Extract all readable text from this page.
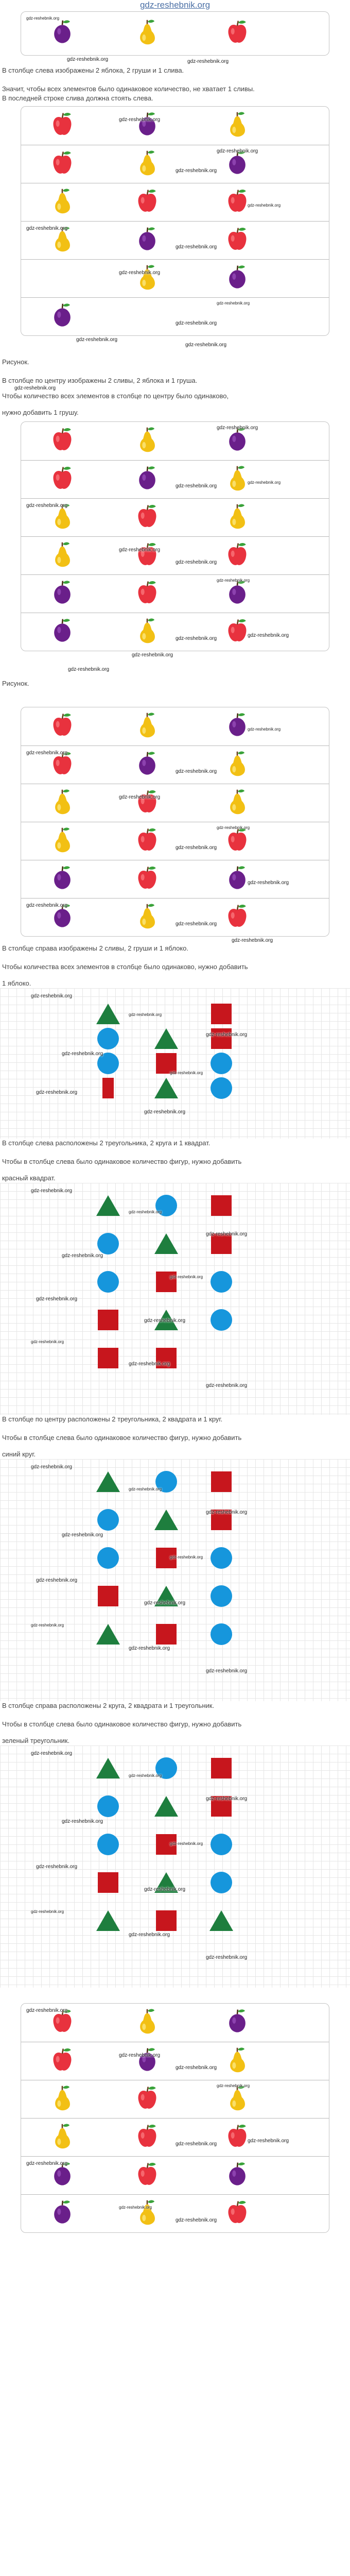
gdz-reshebnik.org
gdz-reshebnik.org
gdz-reshebnik.org	gdz-reshebnik.org

В столбце слева изображены 2 яблока, 2 груши и 1 слива.

Значит, чтобы всех элементов было одинаковое количество, не хватает 1 сливы.

В последней строке слива должна стоять слева.

gdz-reshebnik.org
gdz-reshebnik.org
gdz-reshebnik.org
gdz-reshebnik.org
gdz-reshebnik.org
gdz-reshebnik.org
gdz-reshebnik.org
gdz-reshebnik.org
gdz-reshebnik.org
gdz-reshebnik.org
gdz-reshebnik.org

Рисунок.

В столбце по центру изображены 2 сливы, 2 яблока и 1 груша.

gdz-reshebnik.org

Чтобы количество всех элементов в столбце по центру было одинаково,

нужно добавить 1 грушу.

gdz-reshebnik.org
gdz-reshebnik.org
gdz-reshebnik.org
gdz-reshebnik.org
gdz-reshebnik.org
gdz-reshebnik.org
gdz-reshebnik.org
gdz-reshebnik.org
gdz-reshebnik.org
gdz-reshebnik.org
gdz-reshebnik.org

Рисунок.

gdz-reshebnik.org
gdz-reshebnik.org
gdz-reshebnik.org
gdz-reshebnik.org
gdz-reshebnik.org
gdz-reshebnik.org
gdz-reshebnik.org
gdz-reshebnik.org
gdz-reshebnik.org
gdz-reshebnik.org

В столбце справа изображены 2 сливы, 2 груши и 1 яблоко.

Чтобы количества всех элементов в столбце было одинаково, нужно добавить

1 яблоко.

gdz-reshebnik.org
gdz-reshebnik.org
gdz-reshebnik.org
gdz-reshebnik.org
gdz-reshebnik.org
gdz-reshebnik.org
gdz-reshebnik.org

В столбце слева расположены 2 треугольника, 2 круга и 1 квадрат.

Чтобы в столбце слева было одинаковое количество фигур, нужно добавить

красный квадрат.

gdz-reshebnik.org
gdz-reshebnik.org
gdz-reshebnik.org
gdz-reshebnik.org
gdz-reshebnik.org
gdz-reshebnik.org
gdz-reshebnik.org
gdz-reshebnik.org
gdz-reshebnik.org
gdz-reshebnik.org

В столбце по центру расположены 2 треугольника, 2 квадрата и 1 круг.

Чтобы в столбце слева было одинаковое количество фигур, нужно добавить

синий круг.

gdz-reshebnik.org
gdz-reshebnik.org
gdz-reshebnik.org
gdz-reshebnik.org
gdz-reshebnik.org
gdz-reshebnik.org
gdz-reshebnik.org
gdz-reshebnik.org
gdz-reshebnik.org
gdz-reshebnik.org

В столбце справа расположены 2 круга, 2 квадрата и 1 треугольник.

Чтобы в столбце слева было одинаковое количество фигур, нужно добавить

зеленый треугольник.

gdz-reshebnik.org
gdz-reshebnik.org
gdz-reshebnik.org
gdz-reshebnik.org
gdz-reshebnik.org
gdz-reshebnik.org
gdz-reshebnik.org
gdz-reshebnik.org
gdz-reshebnik.org
gdz-reshebnik.org
gdz-reshebnik.org
gdz-reshebnik.org
gdz-reshebnik.org
gdz-reshebnik.org
gdz-reshebnik.org
gdz-reshebnik.org
gdz-reshebnik.org
gdz-reshebnik.org
gdz-reshebnik.org
